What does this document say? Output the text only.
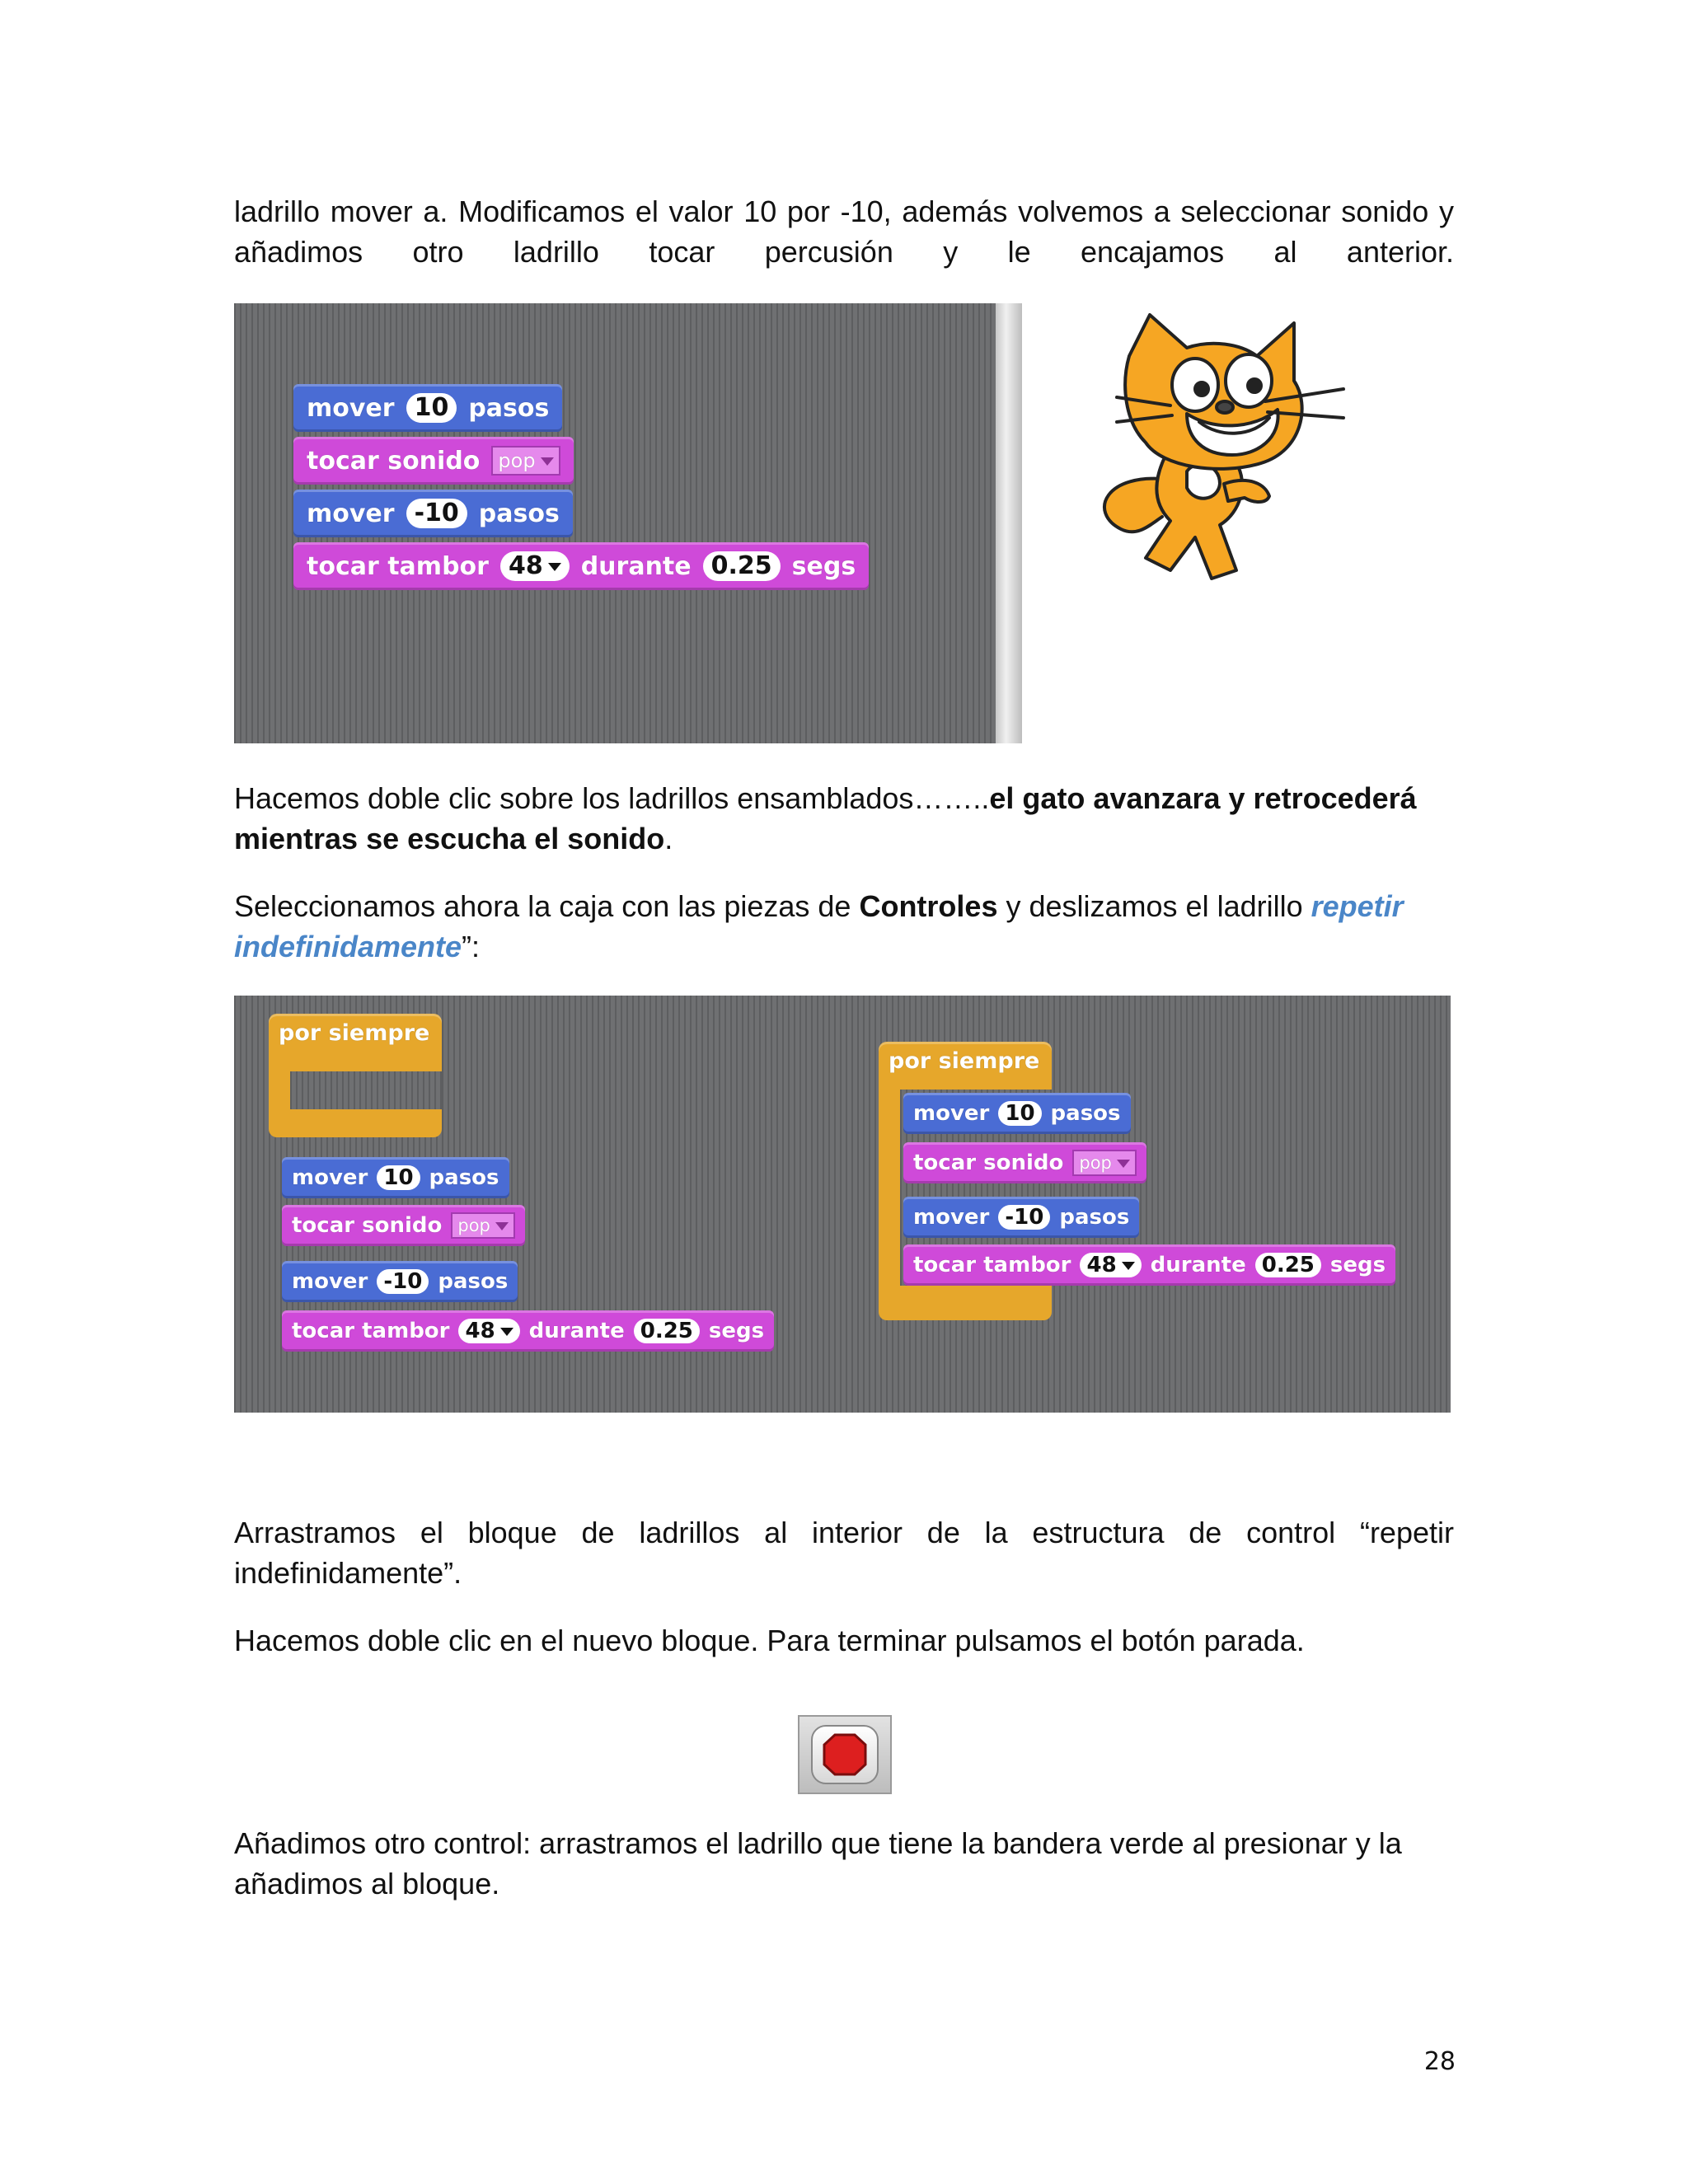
ladrillo mover a. Modificamos el valor 10 por -10, además volvemos a seleccionar sonido y añadimos otro ladrillo tocar percusión y le encajamos al anterior.

mover 10 pasos
tocar sonido pop
mover -10 pasos
tocar tambor 48	durante 0.25 segs

Hacemos doble clic sobre los ladrillos ensamblados……..el gato avanzara y retrocederá mientras se escucha el sonido.

Seleccionamos ahora la caja con las piezas de Controles y deslizamos el ladrillo repetir indefinidamente”:

por siempre
mover 10 pasos
tocar sonido pop
mover -10 pasos
tocar tambor 48	durante 0.25 segs
por siempre
mover 10 pasos
tocar sonido pop
mover -10 pasos
tocar tambor 48	durante 0.25 segs

Arrastramos el bloque de ladrillos al interior de la estructura de control “repetir indefinidamente”.

Hacemos doble clic en el nuevo bloque. Para terminar pulsamos el botón parada.

Añadimos otro control: arrastramos el ladrillo que tiene la bandera verde al presionar y la añadimos al bloque.

28
